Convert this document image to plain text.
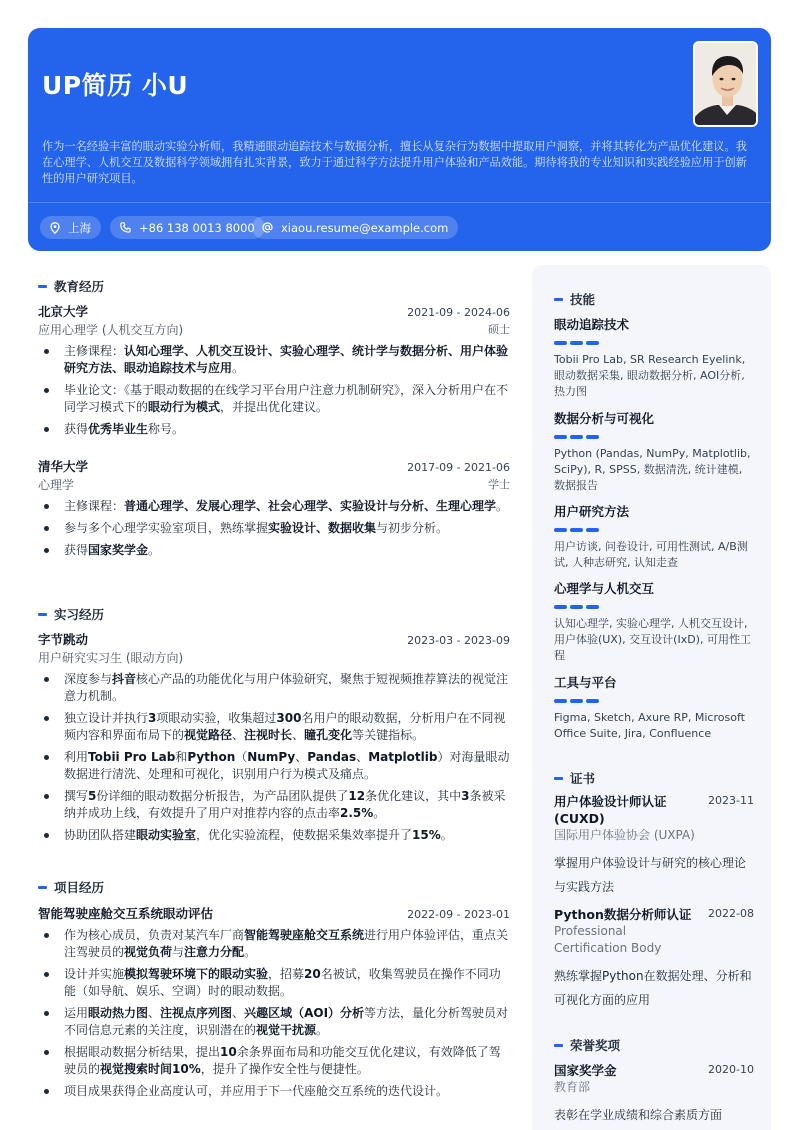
UP简历 小U
作为一名经验丰富的眼动实验分析师，我精通眼动追踪技术与数据分析，擅长从复杂行为数据中提取用户洞察，并将其转化为产品优化建议。我在心理学、人机交互及数据科学领域拥有扎实背景，致力于通过科学方法提升用户体验和产品效能。期待将我的专业知识和实践经验应用于创新性的用户研究项目。
上海	+86 138 0013 8000 xiaou.resume@example.com
教育经历
北京大学	2021-09 - 2024-06
应用心理学 (人机交互方向)	硕士
主修课程：认知心理学、人机交互设计、实验心理学、统计学与数据分析、用户体验研究方法、眼动追踪技术与应用。
毕业论文：《基于眼动数据的在线学习平台用户注意力机制研究》，深入分析用户在不同学习模式下的眼动行为模式，并提出优化建议。
获得优秀毕业生称号。
清华大学	2017-09 - 2021-06
心理学	学士
主修课程：普通心理学、发展心理学、社会心理学、实验设计与分析、生理心理学。
参与多个心理学实验室项目，熟练掌握实验设计、数据收集与初步分析。
获得国家奖学金。
实习经历
字节跳动	2023-03 - 2023-09
用户研究实习生 (眼动方向)
深度参与抖音核心产品的功能优化与用户体验研究，聚焦于短视频推荐算法的视觉注意力机制。
独立设计并执行3项眼动实验，收集超过300名用户的眼动数据，分析用户在不同视频内容和界面布局下的视觉路径、注视时长、瞳孔变化等关键指标。
利用Tobii Pro Lab和Python（NumPy、Pandas、Matplotlib）对海量眼动数据进行清洗、处理和可视化，识别用户行为模式及痛点。
撰写5份详细的眼动数据分析报告，为产品团队提供了12条优化建议，其中3条被采纳并成功上线，有效提升了用户对推荐内容的点击率2.5%。
协助团队搭建眼动实验室，优化实验流程，使数据采集效率提升了15%。
项目经历
智能驾驶座舱交互系统眼动评估	2022-09 - 2023-01
作为核心成员，负责对某汽车厂商智能驾驶座舱交互系统进行用户体验评估，重点关注驾驶员的视觉负荷与注意力分配。
设计并实施模拟驾驶环境下的眼动实验，招募20名被试，收集驾驶员在操作不同功能（如导航、娱乐、空调）时的眼动数据。
运用眼动热力图、注视点序列图、兴趣区域（AOI）分析等方法，量化分析驾驶员对不同信息元素的关注度，识别潜在的视觉干扰源。
根据眼动数据分析结果，提出10余条界面布局和功能交互优化建议，有效降低了驾驶员的视觉搜索时间10%，提升了操作安全性与便捷性。
项目成果获得企业高度认可，并应用于下一代座舱交互系统的迭代设计。
技能
眼动追踪技术
Tobii Pro Lab, SR Research Eyelink, 眼动数据采集, 眼动数据分析, AOI分析, 热力图
数据分析与可视化
Python (Pandas, NumPy, Matplotlib, SciPy), R, SPSS, 数据清洗, 统计建模, 数据报告
用户研究方法
用户访谈, 问卷设计, 可用性测试, A/B测试, 人种志研究, 认知走查
心理学与人机交互
认知心理学, 实验心理学, 人机交互设计, 用户体验(UX), 交互设计(IxD), 可用性工程
工具与平台
Figma, Sketch, Axure RP, Microsoft Office Suite, Jira, Confluence
证书
用户体验设计师认证 (CUXD)
2023-11
国际用户体验协会 (UXPA)
掌握用户体验设计与研究的核心理论与实践方法
Python数据分析师认证 2022-08
Professional Certification Body
熟练掌握Python在数据处理、分析和可视化方面的应用
荣誉奖项
国家奖学金	2020-10
教育部
表彰在学业成绩和综合素质方面
